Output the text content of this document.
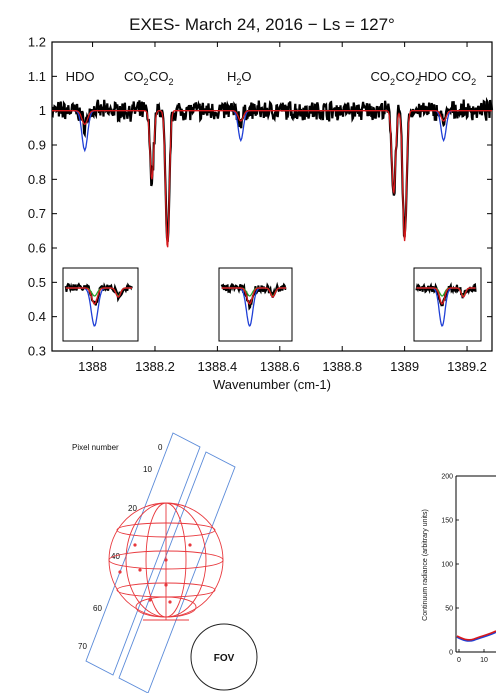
EXES- March 24, 2016 − Ls = 127°
1.2
1.1
1
0.9
0.8
0.7
0.6
0.5
0.4
0.3
1388 1388.2 1388.4 1388.6 1388.8 1389 1389.2
HDO $CO_2$ $CO_2$	$H_2O$	$CO_2$ $CO_2$
HDO $CO_2$
Wavenumber (cm-1)
Pixel number	0
10
20
40
60
70
FOV
200
150
100
50
0
0	10
Continuum radiance (arbitrary units)
